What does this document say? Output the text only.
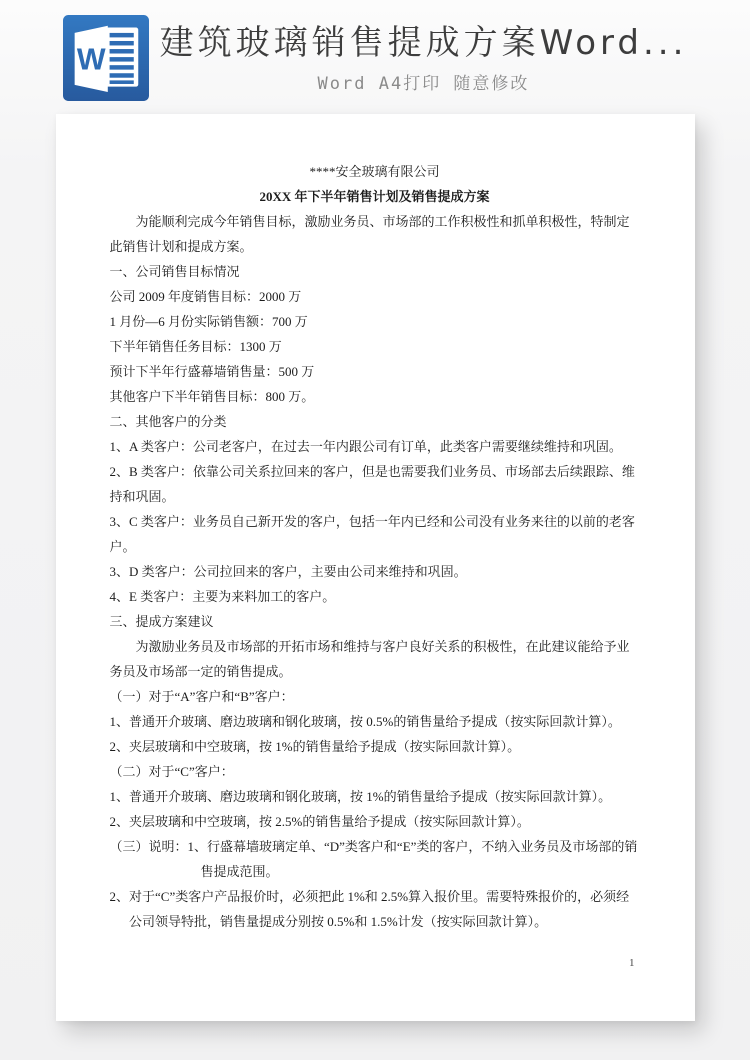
W 建筑玻璃销售提成方案Word...
Word A4打印 随意修改

****安全玻璃有限公司

20XX 年下半年销售计划及销售提成方案

为能顺利完成今年销售目标，激励业务员、市场部的工作积极性和抓单积极性，特制定此销售计划和提成方案。

一、公司销售目标情况

公司 2009 年度销售目标：2000 万

1 月份—6 月份实际销售额：700 万

下半年销售任务目标：1300 万

预计下半年行盛幕墙销售量：500 万

其他客户下半年销售目标：800 万。

二、其他客户的分类

1、A 类客户：公司老客户，在过去一年内跟公司有订单，此类客户需要继续维持和巩固。

2、B 类客户：依靠公司关系拉回来的客户，但是也需要我们业务员、市场部去后续跟踪、维持和巩固。

3、C 类客户：业务员自己新开发的客户，包括一年内已经和公司没有业务来往的以前的老客户。

3、D 类客户：公司拉回来的客户，主要由公司来维持和巩固。

4、E 类客户：主要为来料加工的客户。

三、提成方案建议

为激励业务员及市场部的开拓市场和维持与客户良好关系的积极性，在此建议能给予业务员及市场部一定的销售提成。

（一）对于“A”客户和“B”客户：

1、普通开介玻璃、磨边玻璃和钢化玻璃，按 0.5%的销售量给予提成（按实际回款计算）。

2、夹层玻璃和中空玻璃，按 1%的销售量给予提成（按实际回款计算）。

（二）对于“C”客户：

1、普通开介玻璃、磨边玻璃和钢化玻璃，按 1%的销售量给予提成（按实际回款计算）。

2、夹层玻璃和中空玻璃，按 2.5%的销售量给予提成（按实际回款计算）。

（三）说明：1、行盛幕墙玻璃定单、“D”类客户和“E”类的客户，不纳入业务员及市场部的销售提成范围。

2、对于“C”类客户产品报价时，必须把此 1%和 2.5%算入报价里。需要特殊报价的，必须经公司领导特批，销售量提成分别按 0.5%和 1.5%计发（按实际回款计算）。

1
